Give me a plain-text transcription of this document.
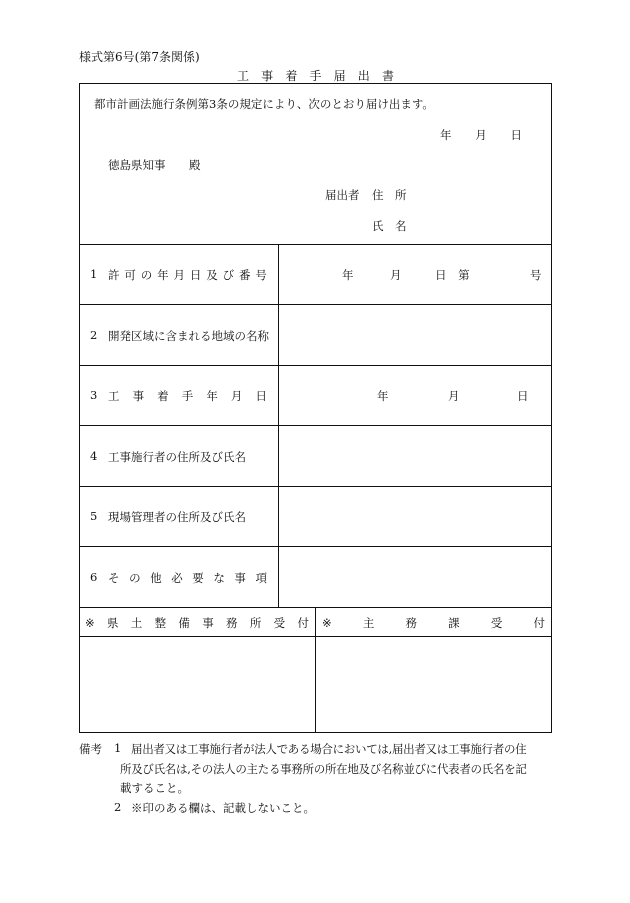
様式第6号(第7条関係)
工 事 着 手 届 出 書
都市計画法施行条例第3条の規定により、次のとおり届け出ます。
年 月 日
徳島県知事 殿
届出者 住　所
氏　名
1 許 可 の 年 月 日 及 び 番 号	年	月	日 第	号
2 開発区域に含まれる地域の名称
3 工 事 着 手 年 月 日	年	月	日
4 工事施行者の住所及び氏名
5 現場管理者の住所及び氏名
6 そ の 他 必 要 な 事 項
※ 県 土 整 備 事 務 所 受 付 ※	主	務	課	受	付
備考 1 届出者又は工事施行者が法人である場合においては,届出者又は工事施行者の住
所及び氏名は,その法人の主たる事務所の所在地及び名称並びに代表者の氏名を記
載すること。
2 ※印のある欄は、記載しないこと。
